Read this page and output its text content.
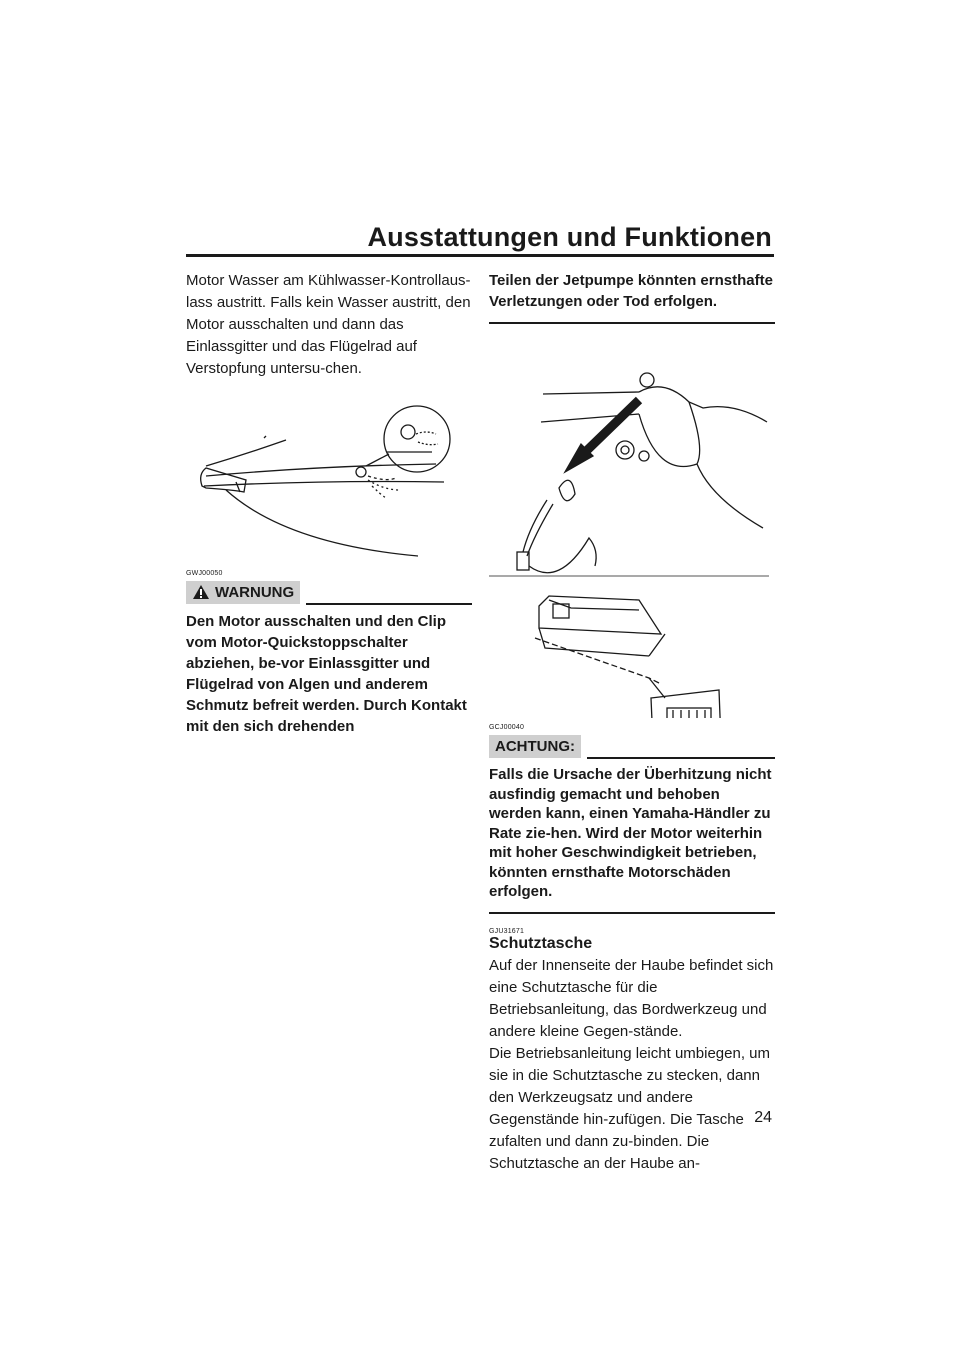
Ausstattungen und Funktionen

Motor Wasser am Kühlwasser-Kontrollaus-lass austritt. Falls kein Wasser austritt, den Motor ausschalten und dann das Einlassgitter und das Flügelrad auf Verstopfung untersu-chen.

GWJ00050

WARNUNG

Den Motor ausschalten und den Clip vom Motor-Quickstoppschalter abziehen, be-vor Einlassgitter und Flügelrad von Algen und anderem Schmutz befreit werden. Durch Kontakt mit den sich drehenden

Teilen der Jetpumpe könnten ernsthafte Verletzungen oder Tod erfolgen.

GCJ00040

ACHTUNG:

Falls die Ursache der Überhitzung nicht ausfindig gemacht und behoben werden kann, einen Yamaha-Händler zu Rate zie-hen. Wird der Motor weiterhin mit hoher Geschwindigkeit betrieben, könnten ernsthafte Motorschäden erfolgen.

GJU31671

Schutztasche

Auf der Innenseite der Haube befindet sich eine Schutztasche für die Betriebsanleitung, das Bordwerkzeug und andere kleine Gegen-stände.

Die Betriebsanleitung leicht umbiegen, um sie in die Schutztasche zu stecken, dann den Werkzeugsatz und andere Gegenstände hin-zufügen. Die Tasche zufalten und dann zu-binden. Die Schutztasche an der Haube an-

24
